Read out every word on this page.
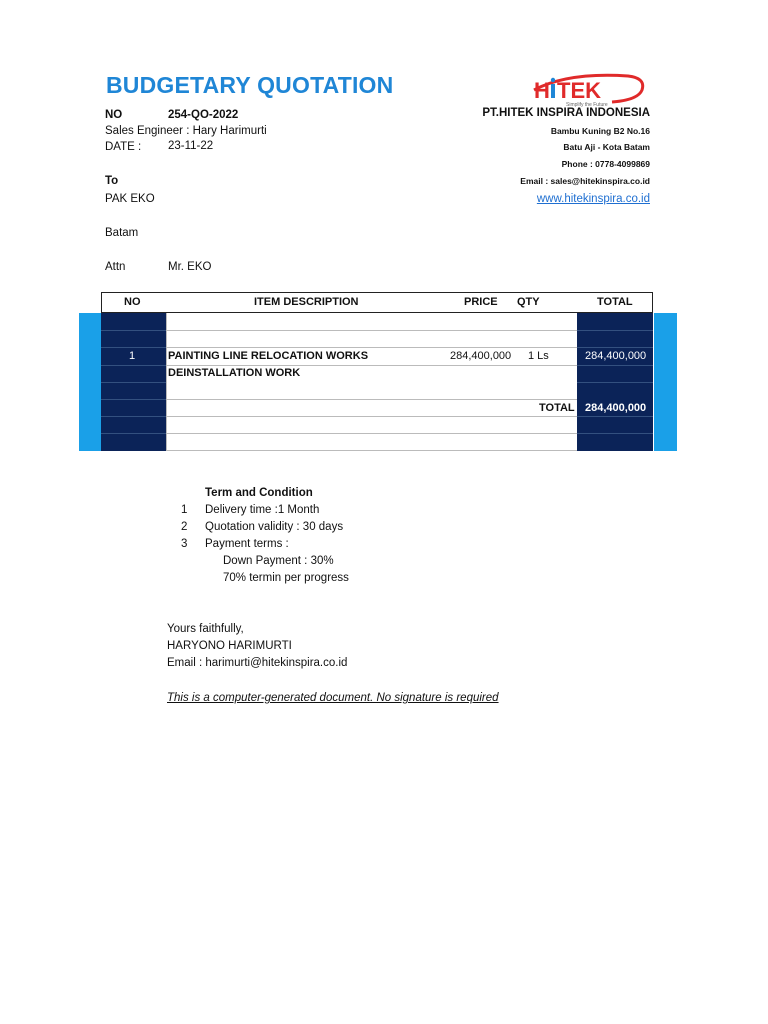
BUDGETARY QUOTATION
NO	254-QO-2022
Sales Engineer : Hary Harimurti
DATE : 23-11-22
H TEK
Simplify the Future
PT.HITEK INSPIRA INDONESIA
Bambu Kuning B2 No.16
Batu Aji - Kota Batam
Phone : 0778-4099869
Email : sales@hitekinspira.co.id
www.hitekinspira.co.id
To
PAK EKO
Batam
Attn	Mr. EKO
NO	ITEM DESCRIPTION	PRICE QTY	TOTAL
1	PAINTING LINE RELOCATION WORKS	284,400,000 1 Ls	284,400,000
DEINSTALLATION WORK
TOTAL 284,400,000
Term and Condition
1 Delivery time :1 Month
2 Quotation validity : 30 days
3 Payment terms :
Down Payment : 30%
70% termin per progress
Yours faithfully,
HARYONO HARIMURTI
Email : harimurti@hitekinspira.co.id
This is a computer-generated document. No signature is required
